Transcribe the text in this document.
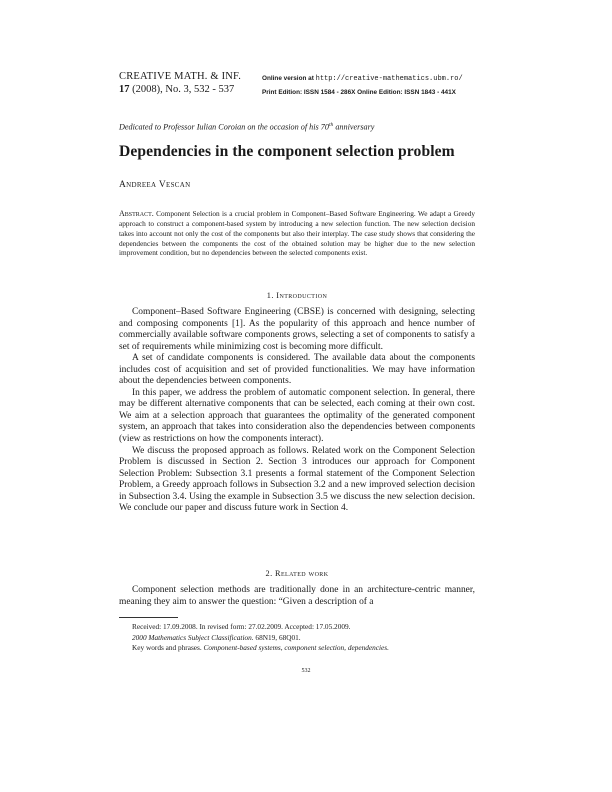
CREATIVE MATH. & INF.
17 (2008), No. 3, 532 - 537
Online version at http://creative-mathematics.ubm.ro/
Print Edition: ISSN 1584 - 286X Online Edition: ISSN 1843 - 441X
Dedicated to Professor Iulian Coroian on the occasion of his 70th anniversary
Dependencies in the component selection problem
Andreea Vescan
Abstract. Component Selection is a crucial problem in Component–Based Software Engineering. We adapt a Greedy approach to construct a component-based system by introducing a new selection function. The new selection decision takes into account not only the cost of the components but also their interplay. The case study shows that considering the dependencies between the components the cost of the obtained solution may be higher due to the new selection improvement condition, but no dependencies between the selected components exist.
1. Introduction

Component–Based Software Engineering (CBSE) is concerned with designing, selecting and composing components [1]. As the popularity of this approach and hence number of commercially available software components grows, selecting a set of components to satisfy a set of requirements while minimizing cost is becoming more difficult.

A set of candidate components is considered. The available data about the components includes cost of acquisition and set of provided functionalities. We may have information about the dependencies between components.

In this paper, we address the problem of automatic component selection. In general, there may be different alternative components that can be selected, each coming at their own cost. We aim at a selection approach that guarantees the optimality of the generated component system, an approach that takes into consideration also the dependencies between components (view as restrictions on how the components interact).

We discuss the proposed approach as follows. Related work on the Component Selection Problem is discussed in Section 2. Section 3 introduces our approach for Component Selection Problem: Subsection 3.1 presents a formal statement of the Component Selection Problem, a Greedy approach follows in Subsection 3.2 and a new improved selection decision in Subsection 3.4. Using the example in Subsection 3.5 we discuss the new selection decision. We conclude our paper and discuss future work in Section 4.

2. Related work

Component selection methods are traditionally done in an architecture-centric manner, meaning they aim to answer the question: “Given a description of a

Received: 17.09.2008. In revised form: 27.02.2009. Accepted: 17.05.2009.
2000 Mathematics Subject Classification. 68N19, 68Q01.
Key words and phrases. Component-based systems, component selection, dependencies.
532
